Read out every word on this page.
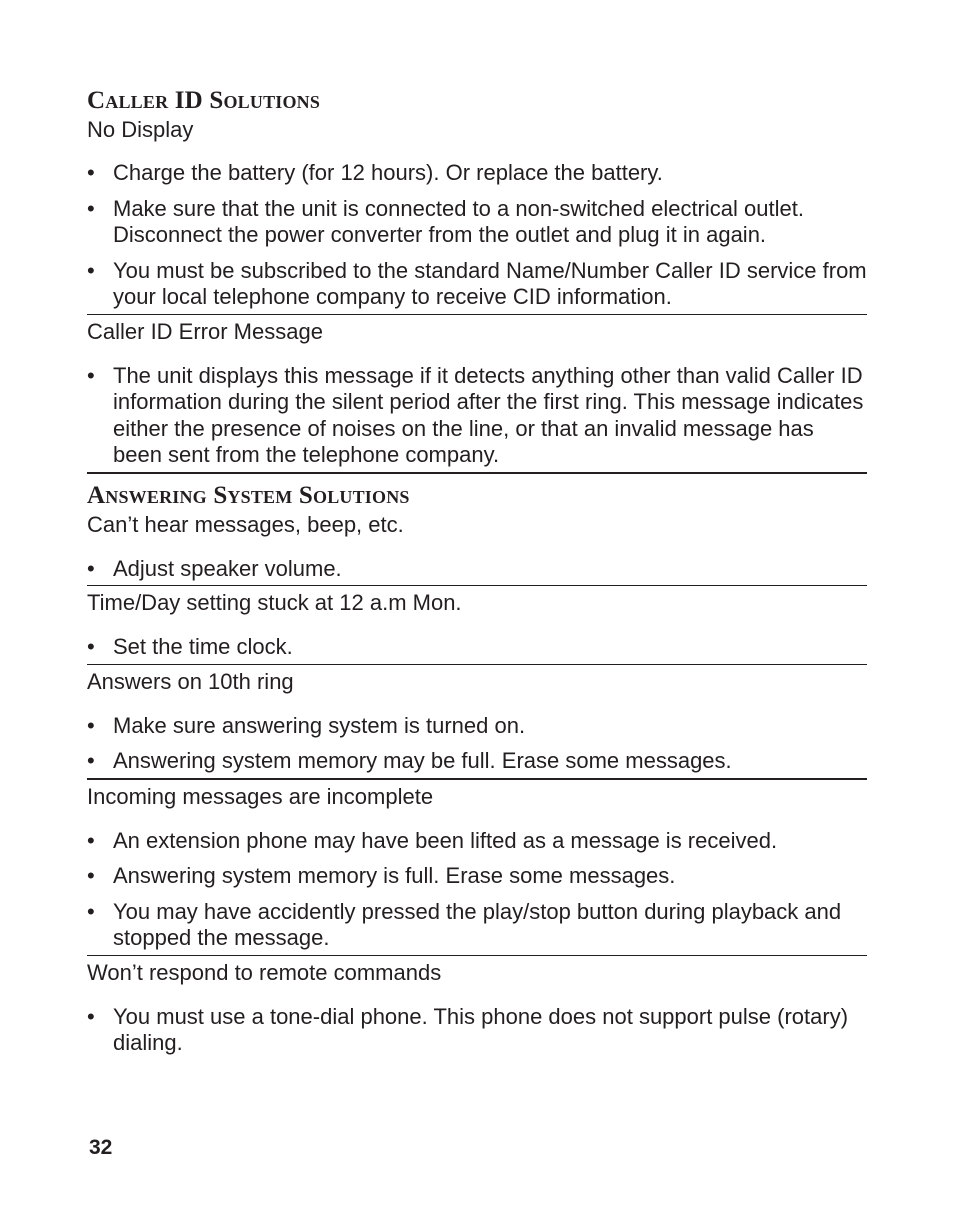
Caller ID Solutions

No Display

• Charge the battery (for 12 hours). Or replace the battery.
• Make sure that the unit is connected to a non-switched electrical outlet. Disconnect the power converter from the outlet and plug it in again.
• You must be subscribed to the standard Name/Number Caller ID service from your local telephone company to receive CID information.

Caller ID Error Message

• The unit displays this message if it detects anything other than valid Caller ID information during the silent period after the first ring. This message indicates either the presence of noises on the line, or that an invalid message has been sent from the telephone company.
Answering System Solutions

Can’t hear messages, beep, etc.

• Adjust speaker volume.

Time/Day setting stuck at 12 a.m Mon.

• Set the time clock.

Answers on 10th ring

• Make sure answering system is turned on.
• Answering system memory may be full. Erase some messages.

Incoming messages are incomplete

• An extension phone may have been lifted as a message is received.
• Answering system memory is full. Erase some messages.
• You may have accidently pressed the play/stop button during playback and stopped the message.

Won’t respond to remote commands

• You must use a tone-dial phone. This phone does not support pulse (rotary) dialing.
32
